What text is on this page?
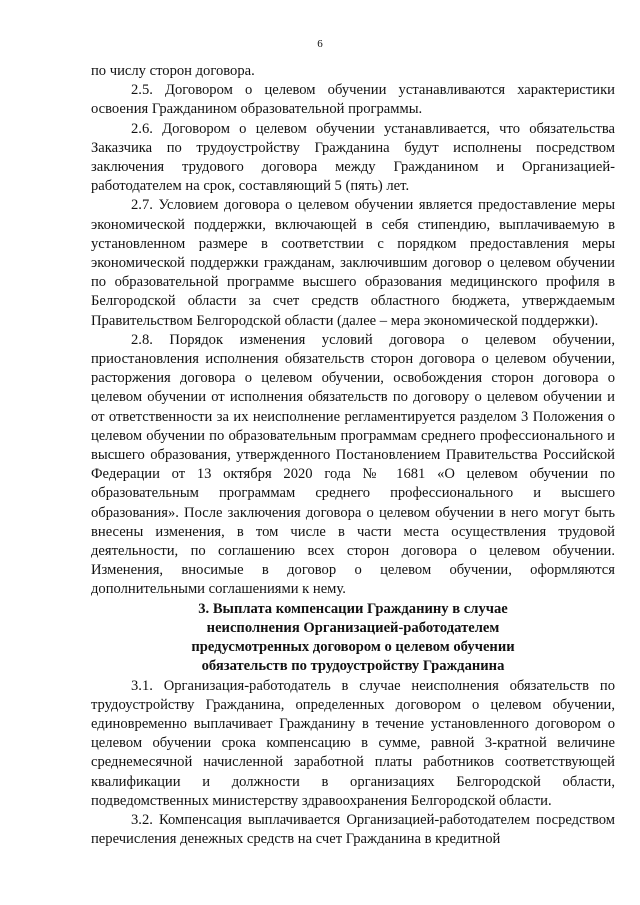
6

по числу сторон договора.

2.5. Договором о целевом обучении устанавливаются характеристики освоения Гражданином образовательной программы.

2.6. Договором о целевом обучении устанавливается, что обязательства Заказчика по трудоустройству Гражданина будут исполнены посредством заключения трудового договора между Гражданином и Организацией-работодателем на срок, составляющий 5 (пять) лет.

2.7. Условием договора о целевом обучении является предоставление меры экономической поддержки, включающей в себя стипендию, выплачиваемую в установленном размере в соответствии с порядком предоставления меры экономической поддержки гражданам, заключившим договор о целевом обучении по образовательной программе высшего образования медицинского профиля в Белгородской области за счет средств областного бюджета, утверждаемым Правительством Белгородской области (далее – мера экономической поддержки).

2.8. Порядок изменения условий договора о целевом обучении, приостановления исполнения обязательств сторон договора о целевом обучении, расторжения договора о целевом обучении, освобождения сторон договора о целевом обучении от исполнения обязательств по договору о целевом обучении и от ответственности за их неисполнение регламентируется разделом 3 Положения о целевом обучении по образовательным программам среднего профессионального и высшего образования, утвержденного Постановлением Правительства Российской Федерации от 13 октября 2020 года № 1681 «О целевом обучении по образовательным программам среднего профессионального и высшего образования». После заключения договора о целевом обучении в него могут быть внесены изменения, в том числе в части места осуществления трудовой деятельности, по соглашению всех сторон договора о целевом обучении. Изменения, вносимые в договор о целевом обучении, оформляются дополнительными соглашениями к нему.

3. Выплата компенсации Гражданину в случае
неисполнения Организацией-работодателем
предусмотренных договором о целевом обучении
обязательств по трудоустройству Гражданина

3.1. Организация-работодатель в случае неисполнения обязательств по трудоустройству Гражданина, определенных договором о целевом обучении, единовременно выплачивает Гражданину в течение установленного договором о целевом обучении срока компенсацию в сумме, равной 3-кратной величине среднемесячной начисленной заработной платы работников соответствующей квалификации и должности в организациях Белгородской области, подведомственных министерству здравоохранения Белгородской области.

3.2. Компенсация выплачивается Организацией-работодателем посредством перечисления денежных средств на счет Гражданина в кредитной
